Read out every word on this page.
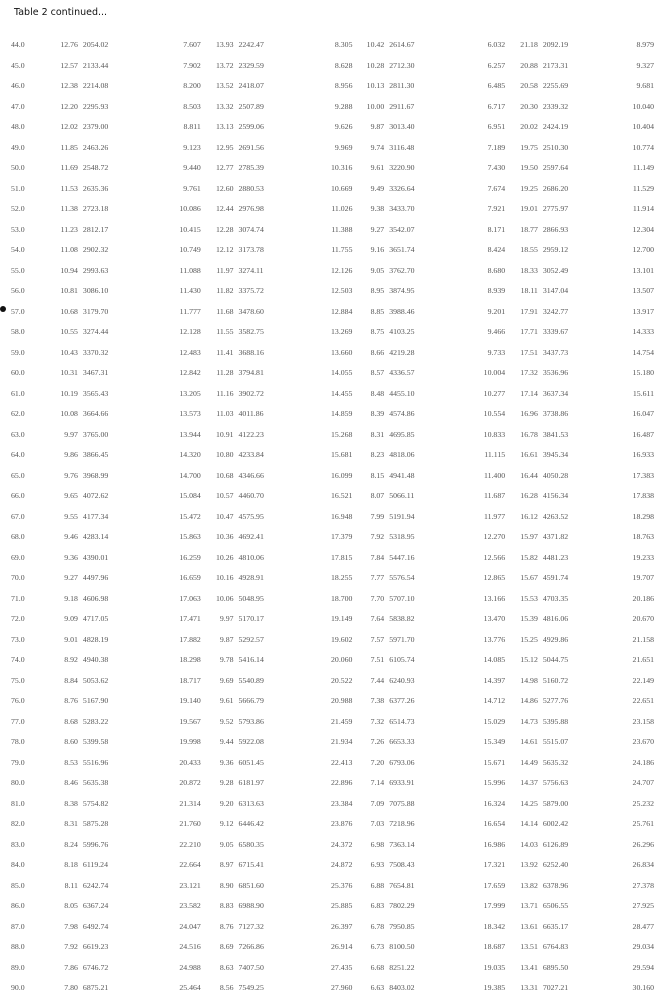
Table 2 continued...
44.0	12.76	2054.02	7.607	13.93	2242.47	8.305	10.42	2614.67	6.032	21.18	2092.19	8.979
45.0	12.57	2133.44	7.902	13.72	2329.59	8.628	10.28	2712.30	6.257	20.88	2173.31	9.327
46.0	12.38	2214.08	8.200	13.52	2418.07	8.956	10.13	2811.30	6.485	20.58	2255.69	9.681
47.0	12.20	2295.93	8.503	13.32	2507.89	9.288	10.00	2911.67	6.717	20.30	2339.32	10.040
48.0	12.02	2379.00	8.811	13.13	2599.06	9.626	9.87	3013.40	6.951	20.02	2424.19	10.404
49.0	11.85	2463.26	9.123	12.95	2691.56	9.969	9.74	3116.48	7.189	19.75	2510.30	10.774
50.0	11.69	2548.72	9.440	12.77	2785.39	10.316	9.61	3220.90	7.430	19.50	2597.64	11.149
51.0	11.53	2635.36	9.761	12.60	2880.53	10.669	9.49	3326.64	7.674	19.25	2686.20	11.529
52.0	11.38	2723.18	10.086	12.44	2976.98	11.026	9.38	3433.70	7.921	19.01	2775.97	11.914
53.0	11.23	2812.17	10.415	12.28	3074.74	11.388	9.27	3542.07	8.171	18.77	2866.93	12.304
54.0	11.08	2902.32	10.749	12.12	3173.78	11.755	9.16	3651.74	8.424	18.55	2959.12	12.700
55.0	10.94	2993.63	11.088	11.97	3274.11	12.126	9.05	3762.70	8.680	18.33	3052.49	13.101
56.0	10.81	3086.10	11.430	11.82	3375.72	12.503	8.95	3874.95	8.939	18.11	3147.04	13.507
57.0	10.68	3179.70	11.777	11.68	3478.60	12.884	8.85	3988.46	9.201	17.91	3242.77	13.917
58.0	10.55	3274.44	12.128	11.55	3582.75	13.269	8.75	4103.25	9.466	17.71	3339.67	14.333
59.0	10.43	3370.32	12.483	11.41	3688.16	13.660	8.66	4219.28	9.733	17.51	3437.73	14.754
60.0	10.31	3467.31	12.842	11.28	3794.81	14.055	8.57	4336.57	10.004	17.32	3536.96	15.180
61.0	10.19	3565.43	13.205	11.16	3902.72	14.455	8.48	4455.10	10.277	17.14	3637.34	15.611
62.0	10.08	3664.66	13.573	11.03	4011.86	14.859	8.39	4574.86	10.554	16.96	3738.86	16.047
63.0	9.97	3765.00	13.944	10.91	4122.23	15.268	8.31	4695.85	10.833	16.78	3841.53	16.487
64.0	9.86	3866.45	14.320	10.80	4233.84	15.681	8.23	4818.06	11.115	16.61	3945.34	16.933
65.0	9.76	3968.99	14.700	10.68	4346.66	16.099	8.15	4941.48	11.400	16.44	4050.28	17.383
66.0	9.65	4072.62	15.084	10.57	4460.70	16.521	8.07	5066.11	11.687	16.28	4156.34	17.838
67.0	9.55	4177.34	15.472	10.47	4575.95	16.948	7.99	5191.94	11.977	16.12	4263.52	18.298
68.0	9.46	4283.14	15.863	10.36	4692.41	17.379	7.92	5318.95	12.270	15.97	4371.82	18.763
69.0	9.36	4390.01	16.259	10.26	4810.06	17.815	7.84	5447.16	12.566	15.82	4481.23	19.233
70.0	9.27	4497.96	16.659	10.16	4928.91	18.255	7.77	5576.54	12.865	15.67	4591.74	19.707
71.0	9.18	4606.98	17.063	10.06	5048.95	18.700	7.70	5707.10	13.166	15.53	4703.35	20.186
72.0	9.09	4717.05	17.471	9.97	5170.17	19.149	7.64	5838.82	13.470	15.39	4816.06	20.670
73.0	9.01	4828.19	17.882	9.87	5292.57	19.602	7.57	5971.70	13.776	15.25	4929.86	21.158
74.0	8.92	4940.38	18.298	9.78	5416.14	20.060	7.51	6105.74	14.085	15.12	5044.75	21.651
75.0	8.84	5053.62	18.717	9.69	5540.89	20.522	7.44	6240.93	14.397	14.98	5160.72	22.149
76.0	8.76	5167.90	19.140	9.61	5666.79	20.988	7.38	6377.26	14.712	14.86	5277.76	22.651
77.0	8.68	5283.22	19.567	9.52	5793.86	21.459	7.32	6514.73	15.029	14.73	5395.88	23.158
78.0	8.60	5399.58	19.998	9.44	5922.08	21.934	7.26	6653.33	15.349	14.61	5515.07	23.670
79.0	8.53	5516.96	20.433	9.36	6051.45	22.413	7.20	6793.06	15.671	14.49	5635.32	24.186
80.0	8.46	5635.38	20.872	9.28	6181.97	22.896	7.14	6933.91	15.996	14.37	5756.63	24.707
81.0	8.38	5754.82	21.314	9.20	6313.63	23.384	7.09	7075.88	16.324	14.25	5879.00	25.232
82.0	8.31	5875.28	21.760	9.12	6446.42	23.876	7.03	7218.96	16.654	14.14	6002.42	25.761
83.0	8.24	5996.76	22.210	9.05	6580.35	24.372	6.98	7363.14	16.986	14.03	6126.89	26.296
84.0	8.18	6119.24	22.664	8.97	6715.41	24.872	6.93	7508.43	17.321	13.92	6252.40	26.834
85.0	8.11	6242.74	23.121	8.90	6851.60	25.376	6.88	7654.81	17.659	13.82	6378.96	27.378
86.0	8.05	6367.24	23.582	8.83	6988.90	25.885	6.83	7802.29	17.999	13.71	6506.55	27.925
87.0	7.98	6492.74	24.047	8.76	7127.32	26.397	6.78	7950.85	18.342	13.61	6635.17	28.477
88.0	7.92	6619.23	24.516	8.69	7266.86	26.914	6.73	8100.50	18.687	13.51	6764.83	29.034
89.0	7.86	6746.72	24.988	8.63	7407.50	27.435	6.68	8251.22	19.035	13.41	6895.50	29.594
90.0	7.80	6875.21	25.464	8.56	7549.25	27.960	6.63	8403.02	19.385	13.31	7027.21	30.160
